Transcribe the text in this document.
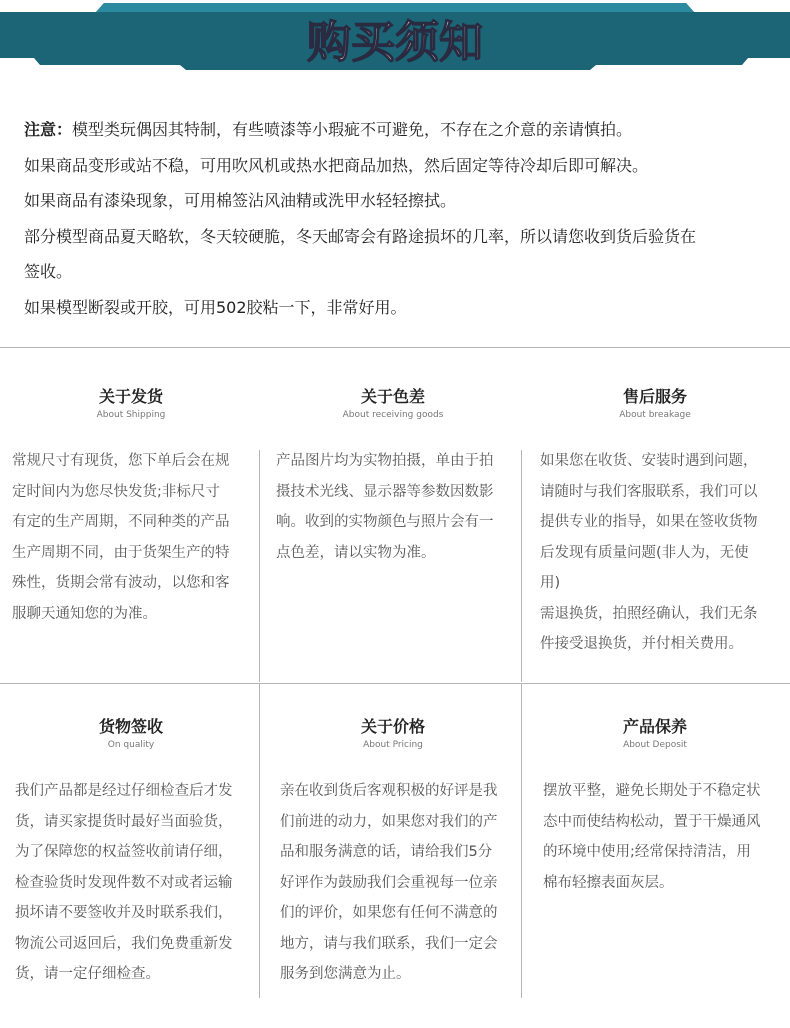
购买须知
注意：模型类玩偶因其特制，有些喷漆等小瑕疵不可避免，不存在之介意的亲请慎拍。
如果商品变形或站不稳，可用吹风机或热水把商品加热，然后固定等待冷却后即可解决。
如果商品有漆染现象，可用棉签沾风油精或洗甲水轻轻擦拭。
部分模型商品夏天略软，冬天较硬脆，冬天邮寄会有路途损坏的几率，所以请您收到货后验货在
签收。
如果模型断裂或开胶，可用502胶粘一下，非常好用。
关于发货
About Shipping
常规尺寸有现货，您下单后会在规
定时间内为您尽快发货;非标尺寸
有定的生产周期，不同种类的产品
生产周期不同，由于货架生产的特
殊性，货期会常有波动，以您和客
服聊天通知您的为准。
关于色差
About receiving goods
产品图片均为实物拍摄，单由于拍
摄技术光线、显示器等参数因数影
响。收到的实物颜色与照片会有一
点色差，请以实物为准。
售后服务
About breakage
如果您在收货、安装时遇到问题，
请随时与我们客服联系，我们可以
提供专业的指导，如果在签收货物
后发现有质量问题(非人为，无使
用)
需退换货，拍照经确认，我们无条
件接受退换货，并付相关费用。
货物签收
On quality
我们产品都是经过仔细检查后才发
货，请买家提货时最好当面验货，
为了保障您的权益签收前请仔细，
检查验货时发现件数不对或者运输
损坏请不要签收并及时联系我们，
物流公司返回后，我们免费重新发
货，请一定仔细检查。
关于价格
About Pricing
亲在收到货后客观积极的好评是我
们前进的动力，如果您对我们的产
品和服务满意的话，请给我们5分
好评作为鼓励我们会重视每一位亲
们的评价，如果您有任何不满意的
地方，请与我们联系，我们一定会
服务到您满意为止。
产品保养
About Deposit
摆放平整，避免长期处于不稳定状
态中而使结构松动，置于干燥通风
的环境中使用;经常保持清洁，用
棉布轻擦表面灰层。
